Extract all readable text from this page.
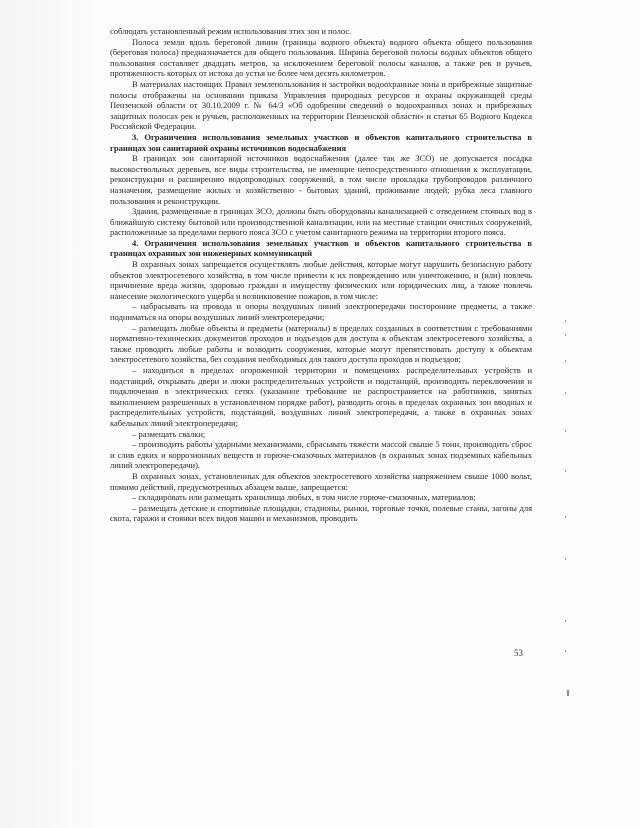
соблюдать установленный режим использования этих зон и полос.

Полоса земли вдоль береговой линии (границы водного объекта) водного объекта общего пользования (береговая полоса) предназначается для общего пользования. Ширина береговой полосы водных объектов общего пользования составляет двадцать метров, за исключением береговой полосы каналов, а также рек и ручьев, протяженность которых от истока до устья не более чем десять километров.

В материалах настоящих Правил землепользования и застройки водоохранные зоны и прибрежные защитные полосы отображены на основании приказа Управления природных ресурсов и охраны окружающей среды Пензенской области от 30.10.2009 г. № 64/3 «Об одобрении сведений о водоохранных зонах и прибрежных защитных полосах рек и ручьев, расположенных на территории Пензенской области» и статьи 65 Водного Кодекса Российской Федерации.

3. Ограничения использования земельных участков и объектов капитального строительства в границах зон санитарной охраны источников водоснабжения

В границах зон санитарной источников водоснабжения (далее так же ЗСО) не допускается посадка высокоствольных деревьев, все виды строительства, не имеющие непосредственного отношения к эксплуатации, реконструкции и расширению водопроводных сооружений, в том числе прокладка трубопроводов различного назначения, размещение жилых и хозяйственно - бытовых зданий, проживание людей; рубка леса главного пользования и реконструкции.

Здания, размещенные в границах ЗСО, должны быть оборудованы канализацией с отведением сточных вод в ближайшую систему бытовой или производственной канализации, или на местные станции очистных сооружений, расположенные за пределами первого пояса ЗСО с учетом санитарного режима на территории второго пояса.

4. Ограничения использования земельных участков и объектов капитального строительства в границах охранных зон инженерных коммуникаций

В охранных зонах запрещается осуществлять любые действия, которые могут нарушить безопасную работу объектов электросетевого хозяйства, в том числе привести к их повреждению или уничтожению, и (или) повлечь причинение вреда жизни, здоровью граждан и имуществу физических или юридических лиц, а также повлечь нанесение экологического ущерба и возникновение пожаров, в том числе:

– набрасывать на провода и опоры воздушных линий электропередачи посторонние предметы, а также подниматься на опоры воздушных линий электропередачи;

– размещать любые объекты и предметы (материалы) в пределах созданных в соответствии с требованиями нормативно-технических документов проходов и подъездов для доступа к объектам электросетевого хозяйства, а также проводить любые работы и возводить сооружения, которые могут препятствовать доступу к объектам электросетевого хозяйства, без создания необходимых для такого доступа проходов и подъездов;

– находиться в пределах огороженной территории и помещениях распределительных устройств и подстанций, открывать двери и люки распределительных устройств и подстанций, производить переключения и подключения в электрических сетях (указанное требование не распространяется на работников, занятых выполнением разрешенных в установленном порядке работ), разводить огонь в пределах охранных зон вводных и распределительных устройств, подстанций, воздушных линий электропередачи, а также в охранных зонах кабельных линий электропередачи;

– размещать свалки;

– производить работы ударными механизмами, сбрасывать тяжести массой свыше 5 тонн, производить сброс и слив едких и коррозионных веществ и горюче-смазочных материалов (в охранных зонах подземных кабельных линий электропередачи).

В охранных зонах, установленных для объектов электросетевого хозяйства напряжением свыше 1000 вольт, помимо действий, предусмотренных абзацем выше, запрещается:

– складировать или размещать хранилища любых, в том числе горюче-смазочных, материалов;

– размещать детские и спортивные площадки, стадионы, рынки, торговые точки, полевые станы, загоны для скота, гаражи и стоянки всех видов машин и механизмов, проводить

53
